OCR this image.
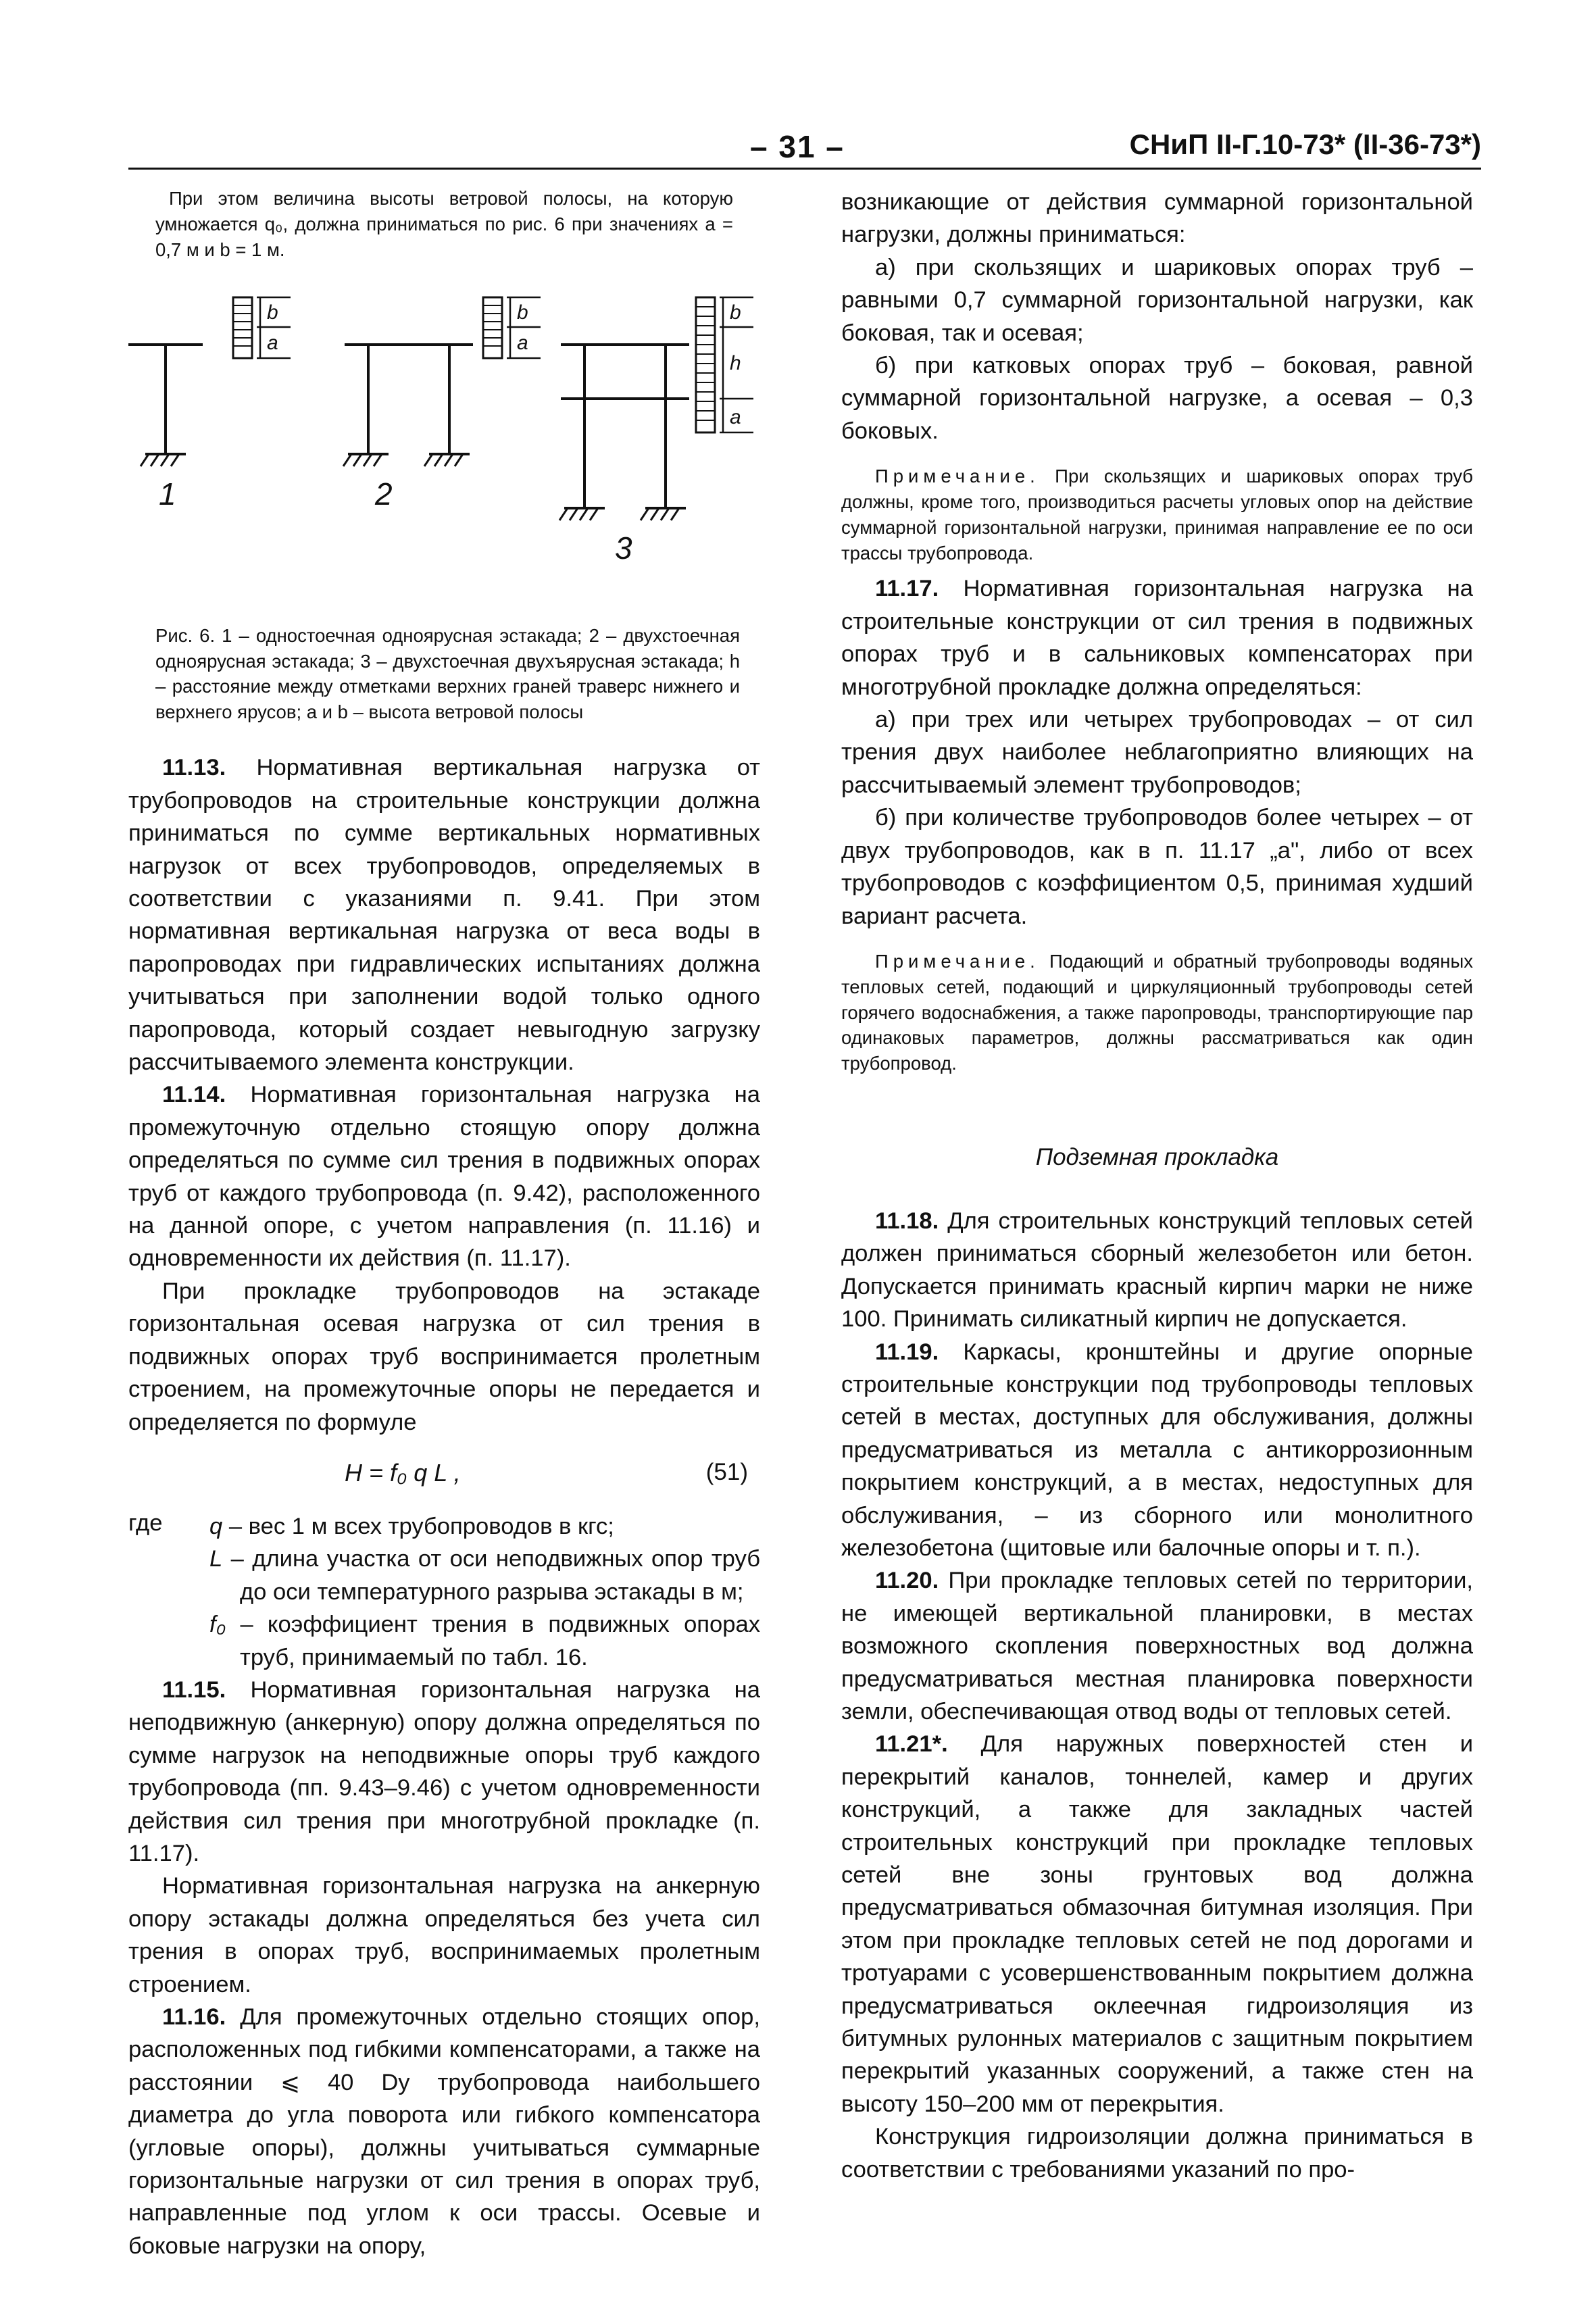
– 31 –	СНиП II-Г.10-73* (II-36-73*)

При этом величина высоты ветровой полосы, на которую умножается q₀, должна приниматься по рис. 6 при значениях a = 0,7 м и b = 1 м.

a
b
a
b
a
b
h
1	2
3

Рис. 6. 1 – одностоечная одноярусная эстакада; 2 – двухстоечная одноярусная эстакада; 3 – двухстоечная двухъярусная эстакада; h – расстояние между отметками верхних граней траверс нижнего и верхнего ярусов; a и b – высота ветровой полосы

11.13. Нормативная вертикальная нагрузка от трубопроводов на строительные конструкции должна приниматься по сумме вертикальных нормативных нагрузок от всех трубопроводов, определяемых в соответствии с указаниями п. 9.41. При этом нормативная вертикальная нагрузка от веса воды в паропроводах при гидравлических испытаниях должна учитываться при заполнении водой только одного паропровода, который создает невыгодную загрузку рассчитываемого элемента конструкции.

11.14. Нормативная горизонтальная нагрузка на промежуточную отдельно стоящую опору должна определяться по сумме сил трения в подвижных опорах труб от каждого трубопровода (п. 9.42), расположенного на данной опоре, с учетом направления (п. 11.16) и одновременности их действия (п. 11.17).

При прокладке трубопроводов на эстакаде горизонтальная осевая нагрузка от сил трения в подвижных опорах труб воспринимается пролетным строением, на промежуточные опоры не передается и определяется по формуле

H = f₀ q L ,	(51)
где q – вес 1 м всех трубопроводов в кгс;

L – длина участка от оси неподвижных опор труб до оси температурного разрыва эстакады в м;

f₀ – коэффициент трения в подвижных опорах труб, принимаемый по табл. 16.

11.15. Нормативная горизонтальная нагрузка на неподвижную (анкерную) опору должна определяться по сумме нагрузок на неподвижные опоры труб каждого трубопровода (пп. 9.43–9.46) с учетом одновременности действия сил трения при многотрубной прокладке (п. 11.17).

Нормативная горизонтальная нагрузка на анкерную опору эстакады должна определяться без учета сил трения в опорах труб, воспринимаемых пролетным строением.

11.16. Для промежуточных отдельно стоящих опор, расположенных под гибкими компенсаторами, а также на расстоянии ⩽ 40 Dу трубопровода наибольшего диаметра до угла поворота или гибкого компенсатора (угловые опоры), должны учитываться суммарные горизонтальные нагрузки от сил трения в опорах труб, направленные под углом к оси трассы. Осевые и боковые нагрузки на опору,

возникающие от действия суммарной горизонтальной нагрузки, должны приниматься:

а) при скользящих и шариковых опорах труб – равными 0,7 суммарной горизонтальной нагрузки, как боковая, так и осевая;

б) при катковых опорах труб – боковая, равной суммарной горизонтальной нагрузке, а осевая – 0,3 боковых.

Примечание. При скользящих и шариковых опорах труб должны, кроме того, производиться расчеты угловых опор на действие суммарной горизонтальной нагрузки, принимая направление ее по оси трассы трубопровода.

11.17. Нормативная горизонтальная нагрузка на строительные конструкции от сил трения в подвижных опорах труб и в сальниковых компенсаторах при многотрубной прокладке должна определяться:

а) при трех или четырех трубопроводах – от сил трения двух наиболее неблагоприятно влияющих на рассчитываемый элемент трубопроводов;

б) при количестве трубопроводов более четырех – от двух трубопроводов, как в п. 11.17 „а", либо от всех трубопроводов с коэффициентом 0,5, принимая худший вариант расчета.

Примечание. Подающий и обратный трубопроводы водяных тепловых сетей, подающий и циркуляционный трубопроводы сетей горячего водоснабжения, а также паропроводы, транспортирующие пар одинаковых параметров, должны рассматриваться как один трубопровод.

Подземная прокладка

11.18. Для строительных конструкций тепловых сетей должен приниматься сборный железобетон или бетон. Допускается принимать красный кирпич марки не ниже 100. Принимать силикатный кирпич не допускается.

11.19. Каркасы, кронштейны и другие опорные строительные конструкции под трубопроводы тепловых сетей в местах, доступных для обслуживания, должны предусматриваться из металла с антикоррозионным покрытием конструкций, а в местах, недоступных для обслуживания, – из сборного или монолитного железобетона (щитовые или балочные опоры и т. п.).

11.20. При прокладке тепловых сетей по территории, не имеющей вертикальной планировки, в местах возможного скопления поверхностных вод должна предусматриваться местная планировка поверхности земли, обеспечивающая отвод воды от тепловых сетей.

11.21*. Для наружных поверхностей стен и перекрытий каналов, тоннелей, камер и других конструкций, а также для закладных частей строительных конструкций при прокладке тепловых сетей вне зоны грунтовых вод должна предусматриваться обмазочная битумная изоляция. При этом при прокладке тепловых сетей не под дорогами и тротуарами с усовершенствованным покрытием должна предусматриваться оклеечная гидроизоляция из битумных рулонных материалов с защитным покрытием перекрытий указанных сооружений, а также стен на высоту 150–200 мм от перекрытия.

Конструкция гидроизоляции должна приниматься в соответствии с требованиями указаний по про-
